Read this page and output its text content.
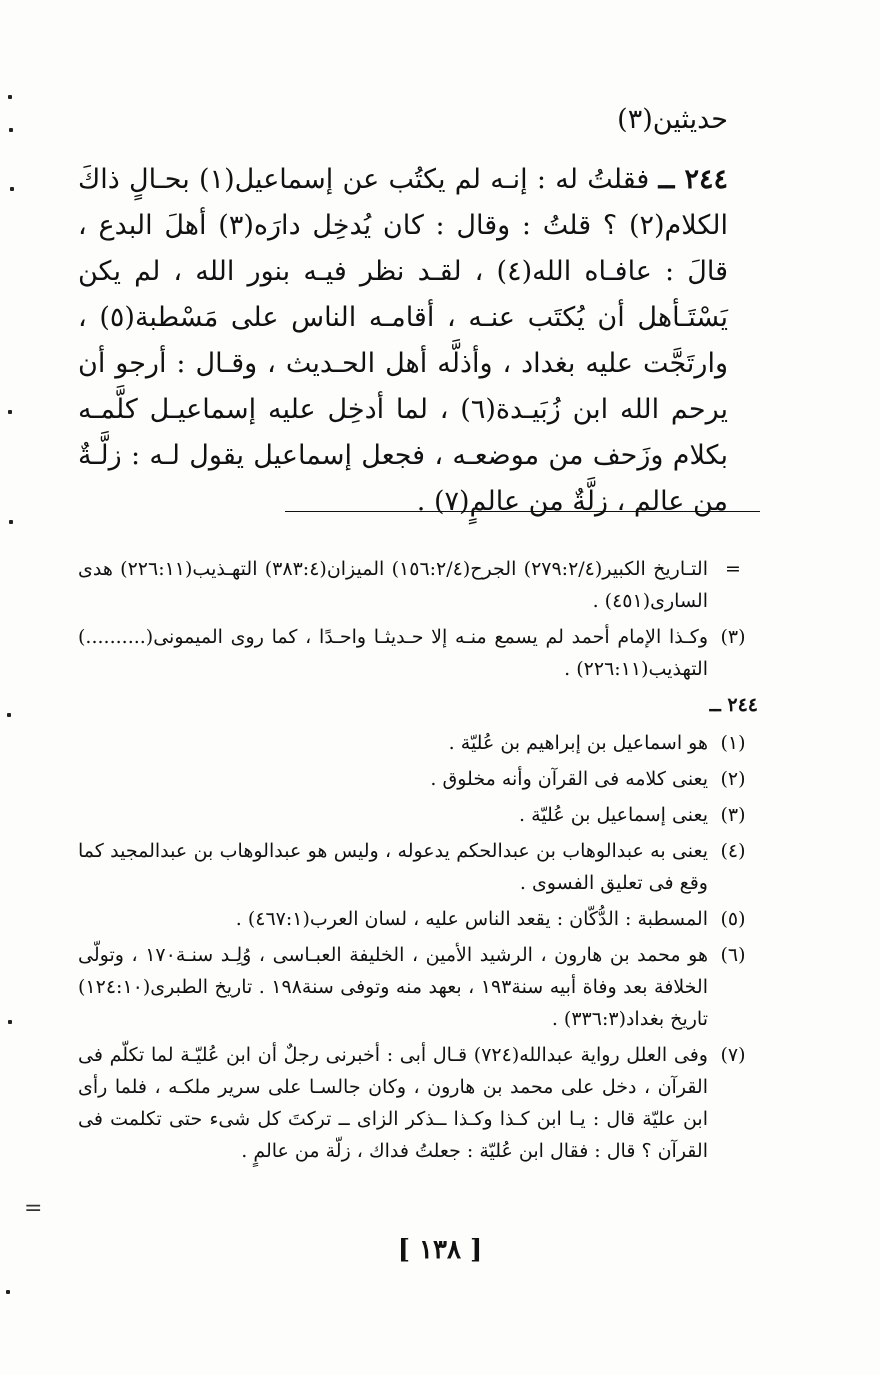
حديثين(٣)
٢٤٤ ــ فقلتُ له : إنـه لم يكتُب عن إسماعيل(١) بحـالٍ ذاكَ الكلام(٢) ؟ قلتُ : وقال : كان يُدخِل دارَه(٣) أهلَ البدع ، قالَ : عافـاه الله(٤) ، لقـد نظر فيـه بنور الله ، لم يكن يَسْتَـأهل أن يُكتَب عنـه ، أقامـه الناس على مَسْطبة(٥) ، وارتَجَّت عليه بغداد ، وأذلَّه أهل الحـديث ، وقـال : أرجو أن يرحم الله ابن زُبَيـدة(٦) ، لما أدخِل عليه إسماعيـل كلَّمـه بكلام وزَحف من موضعـه ، فجعل إسماعيل يقول لـه : زلَّـةٌ من عالم ، زلَّةٌ من عالمٍ(٧) .
=
التـاريخ الكبير(٢٧٩:٢/٤) الجرح(١٥٦:٢/٤) الميزان(٣٨٣:٤) التهـذيب(٢٢٦:١١) هدى السارى(٤٥١) .
(٣)
وكـذا الإمام أحمد لم يسمع منـه إلا حـديثـا واحـدًا ، كما روى الميمونى(..........) التهذيب(٢٢٦:١١) .
٢٤٤ ــ
(١)
هو اسماعيل بن إبراهيم بن عُليّة .
(٢)
يعنى كلامه فى القرآن وأنه مخلوق .
(٣)
يعنى إسماعيل بن عُليّة .
(٤)
يعنى به عبدالوهاب بن عبدالحكم يدعوله ، وليس هو عبدالوهاب بن عبدالمجيد كما وقع فى تعليق الفسوى .
(٥)
المسطبة : الدُّكّان : يقعد الناس عليه ، لسان العرب(٤٦٧:١) .
(٦)
هو محمد بن هارون ، الرشيد الأمين ، الخليفة العبـاسى ، وُلِـد سنـة١٧٠ ، وتولّى الخلافة بعد وفاة أبيه سنة١٩٣ ، بعهد منه وتوفى سنة١٩٨ . تاريخ الطبرى(١٢٤:١٠) تاريخ بغداد(٣٣٦:٣) .
(٧)
وفى العلل رواية عبدالله(٧٢٤) قـال أبى : أخبرنى رجلٌ أن ابن عُليّـة لما تكلّم فى القرآن ، دخل على محمد بن هارون ، وكان جالسـا على سرير ملكـه ، فلما رأى ابن عليّة قال : يـا ابن كـذا وكـذا ــذكر الزاى ــ تركتَ كل شىء حتى تكلمت فى القرآن ؟ قال : فقال ابن عُليّة : جعلتُ فداك ، زلّة من عالمٍ .
[ ١٣٨ ]
=
